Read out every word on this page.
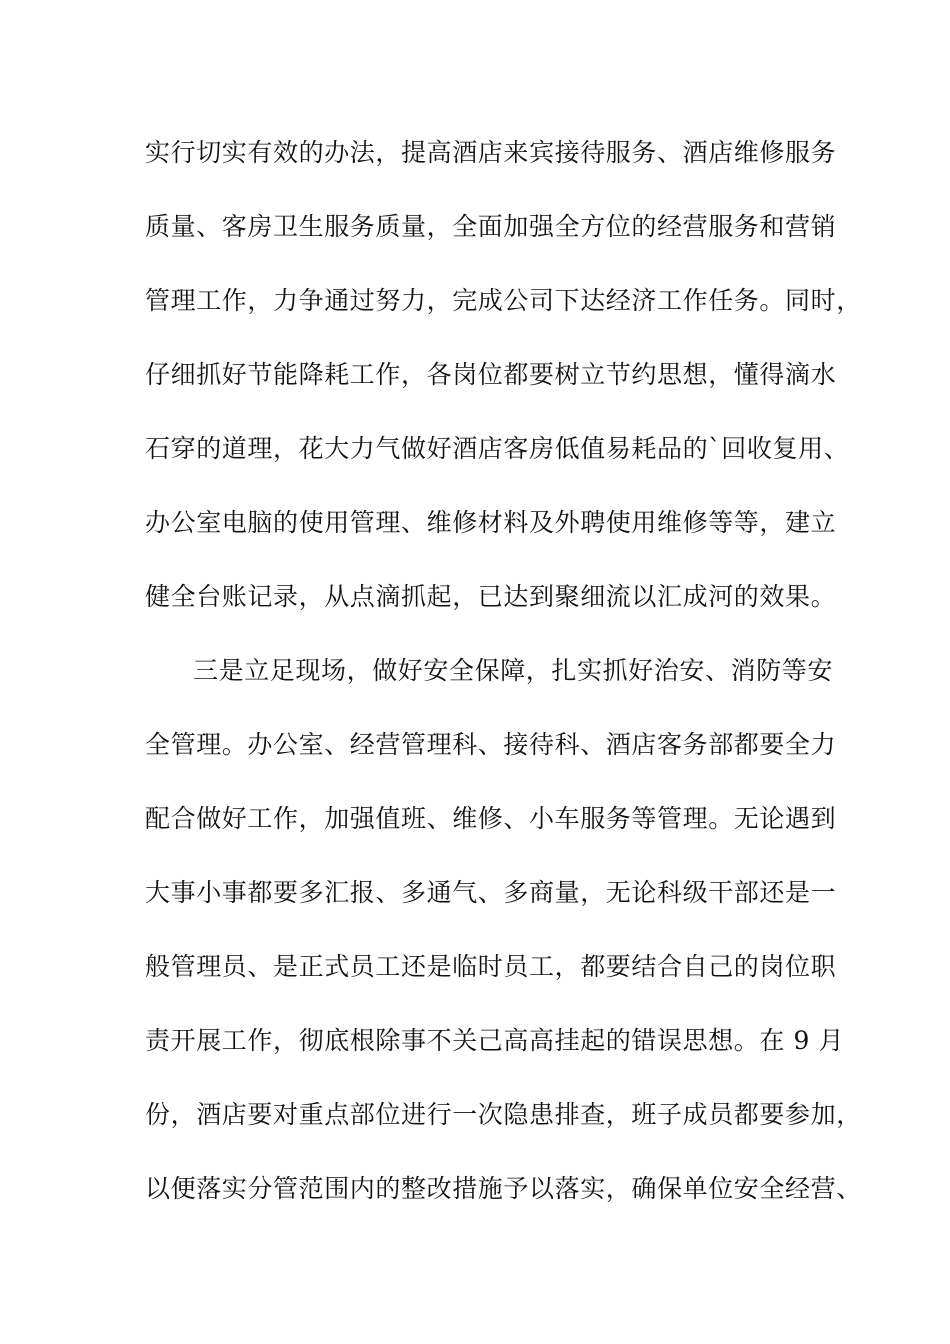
实行切实有效的办法，提高酒店来宾接待服务、酒店维修服务
质量、客房卫生服务质量，全面加强全方位的经营服务和营销
管理工作，力争通过努力，完成公司下达经济工作任务。同时，
仔细抓好节能降耗工作，各岗位都要树立节约思想，懂得滴水
石穿的道理，花大力气做好酒店客房低值易耗品的`回收复用、
办公室电脑的使用管理、维修材料及外聘使用维修等等，建立
健全台账记录，从点滴抓起，已达到聚细流以汇成河的效果。
三是立足现场，做好安全保障，扎实抓好治安、消防等安
全管理。办公室、经营管理科、接待科、酒店客务部都要全力
配合做好工作，加强值班、维修、小车服务等管理。无论遇到
大事小事都要多汇报、多通气、多商量，无论科级干部还是一
般管理员、是正式员工还是临时员工，都要结合自己的岗位职
责开展工作，彻底根除事不关己高高挂起的错误思想。在 9 月
份，酒店要对重点部位进行一次隐患排查，班子成员都要参加，
以便落实分管范围内的整改措施予以落实，确保单位安全经营、
